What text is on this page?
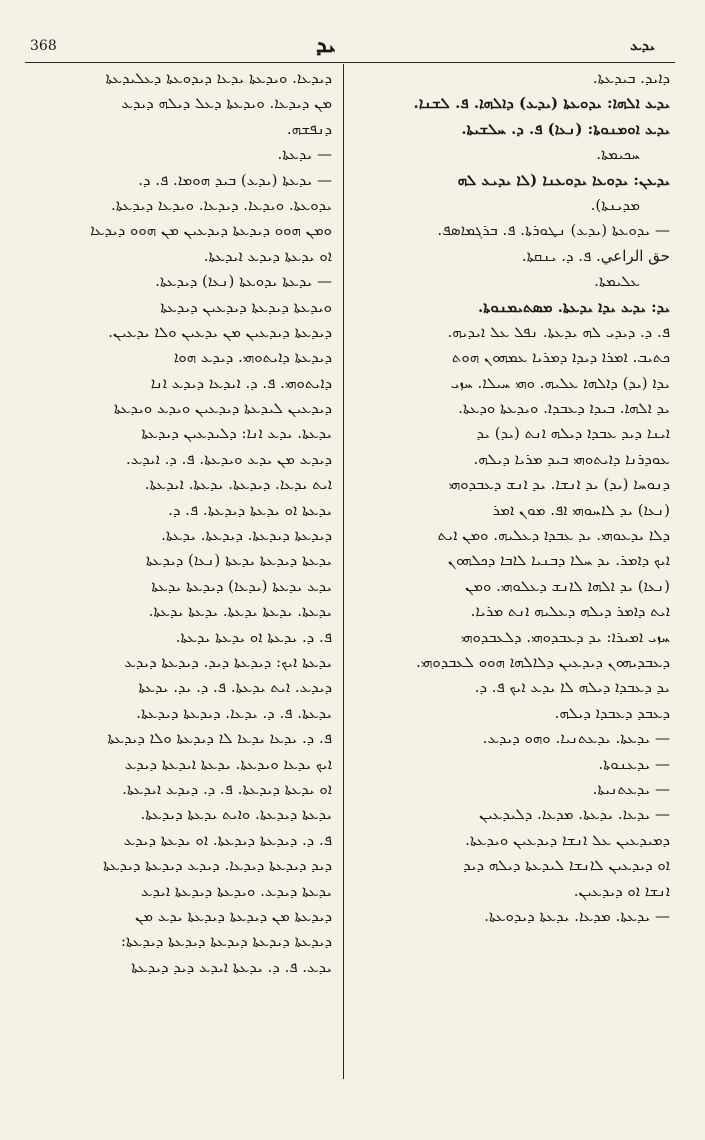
368	ܝܕ	ܝܕܥ
ܕܝܕܥܐ. ܘܝܕܥܬܐ ܝܕܥܐ ܕܝܕܘܥܬܐ ܕܥܠܝܕܥܬܐ
ܡܢ ܕܝܕܥܐ. ܘܝܕܥܬܐ ܕܥܠ ܕܝܠܗ ܕܝܕܥ
ܕܢܦܫܗ.
— ܝܕܥܬܐ.
— ܝܕܥܬܐ (ܝܕܥ) ܒܝܕ ܗܘܡܐ. ܦ. ܕ.
ܝܕܘܥܬܐ. ܘܝܕܥܐ. ܕܝܕܥܐ. ܘܝܕܥܐ ܕܝܕܥܬܐ.
ܘܡܢ ܗܘܘ ܕܝܕܥܬܐ ܕܝܕܥܝܢ ܡܢ ܗܘܘ ܕܝܕܥܐ
ܐܘ ܝܕܥܬܐ ܕܝܕܥ ܐܝܕܥܬܐ.
— ܝܕܥܬܐ ܝܕܘܥܬܐ (ܢܥܐ) ܕܝܕܥܬܐ.
ܘܝܕܥܬܐ ܕܝܕܥܬܐ ܕܝܕܥܝܢ ܕܝܕܥܬܐ
ܕܝܕܥܬܐ ܕܝܕܥܝܢ ܡܢ ܝܕܥܝܢ ܘܠܐ ܝܕܥܝܢ.
ܕܝܕܥܬܐ ܕܐܝܬܘܗܝ. ܕܝܕܥ ܗܘܐ
ܕܐܝܬܘܗܝ. ܦ. ܕ. ܐܝܕܥܐ ܕܝܕܥ ܐܢܐ
ܕܝܕܥܝܢ ܠܝܕܥܬܐ ܕܝܕܥܝܢ ܘܝܕܥ ܘܝܕܥܬܐ
ܝܕܥܬܐ. ܝܕܥ ܐܢܐ: ܕܠܝܕܥܝܢ ܕܝܕܥܬܐ
ܕܝܕܥ ܡܢ ܝܕܥ ܘܝܕܥܬܐ. ܦ. ܕ. ܐܝܕܥ.
ܐܝܬ ܝܕܥܐ. ܕܝܕܥܬܐ. ܝܕܥܬܐ. ܐܝܕܥܬܐ.
ܝܕܥܬܐ ܐܘ ܝܕܥܬܐ ܕܝܕܥܬܐ. ܦ. ܕ.
ܕܝܕܥܬܐ ܕܝܕܥܬܐ. ܕܝܕܥܬܐ. ܝܕܥܬܐ.
ܝܕܥܬܐ ܕܝܕܥܬܐ ܝܕܥܬܐ (ܢܥܐ) ܕܝܕܥܬܐ
ܝܕܥ ܝܕܥܬܐ (ܝܕܥܐ) ܕܝܕܥܬܐ ܝܕܥܬܐ
ܝܕܥܬܐ. ܝܕܥܬܐ ܝܕܥܬܐ. ܝܕܥܬܐ ܝܕܥܬܐ.
ܦ. ܕ. ܝܕܥܬܐ ܐܘ ܝܕܥܬܐ ܝܕܥܬܐ.
ܝܕܥܬܐ ܐܝܟ: ܕܝܕܥܬܐ ܕܝܕ. ܕܝܕܥܬܐ ܕܝܕܥ
ܕܝܕܥ. ܐܝܬ ܝܕܥܬܐ. ܦ. ܕ. ܝܕ. ܝܕܥܬܐ
ܝܕܥܬܐ. ܦ. ܕ. ܝܕܥܐ. ܕܝܕܥܬܐ ܕܝܕܥܬܐ.
ܦ. ܕ. ܝܕܥܐ ܝܕܥܐ ܠܐ ܕܝܕܥܬܐ ܘܠܐ ܕܝܕܥܬܐ
ܐܝܟ ܝܕܥܐ ܘܝܕܥܬܐ. ܝܕܥܬܐ ܐܝܕܥܬܐ ܕܝܕܥ
ܐܘ ܝܕܥܬܐ ܕܝܕܥܬܐ. ܦ. ܕ. ܕܝܕܥ ܐܝܕܥܬܐ.
ܝܕܥܬܐ ܕܝܕܥܬܐ. ܘܐܝܬ ܝܕܥܬܐ ܕܝܕܥܬܐ.
ܦ. ܕ. ܕܝܕܥܬܐ ܕܝܕܥܬܐ. ܐܘ ܝܕܥܬܐ ܕܝܕܥ
ܕܝܕ ܕܝܕܥܬܐ ܕܝܕܥܐ. ܕܝܕܥ ܕܝܕܥܬܐ ܕܝܕܥܬܐ
ܝܕܥܬܐ ܕܝܕܥ. ܘܝܕܥܬܐ ܕܝܕܥܬܐ ܐܝܕܥ
ܕܝܕܥܬܐ ܡܢ ܕܝܕܥܬܐ ܕܝܕܥܬܐ ܝܕܥ ܡܢ
ܕܝܕܥܬܐ ܕܝܕܥܬܐ ܕܝܕܥܬܐ ܕܝܕܥܬܐ ܕܝܕܥܬܐ:
ܝܕܥ. ܦ. ܕ. ܝܕܥܬܐ ܐܝܕܥ ܕܝܕ ܕܝܕܥܬܐ
ܕܐܝܕ. ܒܝܕܥܬܐ.
ܝܕܥ ܐܠܗܐ: ܝܕܘܥܬܐ (ܝܕܥ) ܕܐܠܗܐ. ܦ. ܠܫܢܐ.
ܝܕܥ ܐܘܡܢܘܬܐ: (ܢܥܐ) ܦ. ܕ. ܚܠܫܝܬܐ.
ܚܟܝܡܬܐ.
ܝܕܥܢ: ܝܕܘܥܐ ܝܕܘܥܢܐ (ܠܐ ܝܕܝܥ ܠܗ
ܡܕܝܢܬܐ).
— ܝܕܘܥܬܐ (ܝܕܥ) ܢܛܘܪܬܐ. ܦ. ܒܪܓܡܐܣܦ.
حق الراعي. ܦ. ܕ. ܝܢܩܬܐ.
ܥܠܝܡܬܐ.
ܝܕ: ܝܕܥ ܝܕܐ ܝܕܥܬܐ. ܡܣܬܝܡܢܘܬܐ.
ܦ. ܕ. ܕܝܕܝ ܠܗ ܝܕܥܬܐ. ܢܦܠ ܥܠ ܐܝܕܝܗ.
ܟܬܝܒ. ܐܡܪܐ ܕܝܕܐ ܕܡܪܝܐ ܥܡܗܘܢ ܗܘܬ
ܝܕܐ (ܝܕ) ܕܐܠܗܐ ܥܠܝܗ. ܘܗܝ ܚܝܠܐ. ܚܙܝ
ܝܕ ܐܠܗܐ. ܒܝܕܐ ܕܥܒܕܐ. ܘܝܕܥܬܐ ܘܕܥܬܐ.
ܐܝܢܐ ܕܝܕ ܥܒܕܐ ܕܝܠܗ ܐܢܬ (ܝܕ) ܝܕ
ܥܘܕܪܢܐ ܕܐܝܬܘܗܝ ܒܝܕ ܡܪܝܐ ܕܝܠܗ.
ܕܢܘܚܐ (ܝܕ) ܝܕ ܐܢܫܐ. ܝܕ ܐܢܫ ܕܥܒܕܘܗܝ
(ܢܥܐ) ܝܕ ܠܐܚܘܗܝ ܐܦ. ܡܘܢ ܐܡܪ
ܕܠܐ ܝܕܥܘܗܝ. ܝܕ ܥܒܕܐ ܕܥܠܝܗ. ܘܡܢ ܐܝܬ
ܐܝܟ ܕܐܡܪ. ܝܕ ܚܠܐ ܕܒܢܝܐ ܠܐܒܐ ܕܟܠܗܘܢ
(ܢܥܐ) ܝܕ ܐܠܗܐ ܠܐܢܫ ܕܥܠܘܗܝ. ܘܡܢ
ܐܝܬ ܕܐܡܪ ܕܝܠܗ ܕܥܠܝܗ ܐܢܬ ܡܪܝܐ.
ܚܙܝ ܐܡܝܪܐ: ܝܕ ܕܥܒܕܘܗܝ. ܕܠܥܒܕܘܗܝ
ܕܥܒܕܝܗܘܢ ܕܝܕܥܝܢ ܕܠܐܠܗܐ ܗܘܘ ܠܥܒܕܘܗܝ.
ܝܕ ܕܥܒܕܐ ܕܝܠܗ ܠܐ ܝܕܥ ܐܝܟ ܦ. ܕ.
ܕܥܒܕ ܕܥܒܕܐ ܕܝܠܗ.
— ܝܕܥܬܐ. ܝܕܥܬܢܝܐ. ܘܗܘ ܕܝܕܥ.
— ܝܕܥܢܘܬܐ.
— ܝܕܥܬܢܝܬܐ.
— ܝܕܥܐ. ܝܕܥܬܐ. ܡܕܥܐ. ܕܠܝܕܥܝܢ
ܕܡܝܕܥܝܢ ܥܠ ܐܢܫܐ ܕܝܕܥܝܢ ܘܝܕܥܬܐ.
ܐܘ ܕܝܕܥܝܢ ܠܐܢܫܐ ܠܝܕܥܬܐ ܕܝܠܗ ܕܝܕ
ܐܢܫܐ ܐܘ ܕܝܕܥܝܢ.
— ܝܕܥܬܐ. ܡܕܥܐ. ܝܕܥܬܐ ܕܝܕܘܥܬܐ.
